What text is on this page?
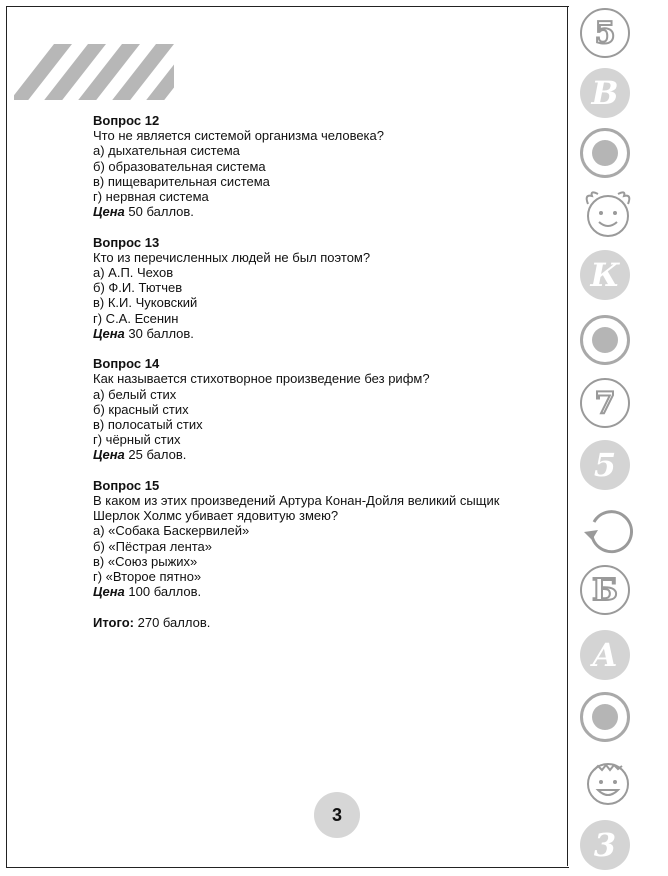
Вопрос 12
Что не является системой организма человека?
а) дыхательная система
б) образовательная система
в) пищеварительная система
г) нервная система
Цена 50 баллов.
Вопрос 13
Кто из перечисленных людей не был поэтом?
а) А.П. Чехов
б) Ф.И. Тютчев
в) К.И. Чуковский
г) С.А. Есенин
Цена 30 баллов.
Вопрос 14
Как называется стихотворное произведение без рифм?
а) белый стих
б) красный стих
в) полосатый стих
г) чёрный стих
Цена 25 балов.
Вопрос 15
В каком из этих произведений Артура Конан-Дойля великий сыщик
Шерлок Холмс убивает ядовитую змею?
а) «Собака Баскервилей»
б) «Пёстрая лента»
в) «Союз рыжих»
г) «Второе пятно»
Цена 100 баллов.
Итого: 270 баллов.
3
5
В
К
7
5
Б
А
3
